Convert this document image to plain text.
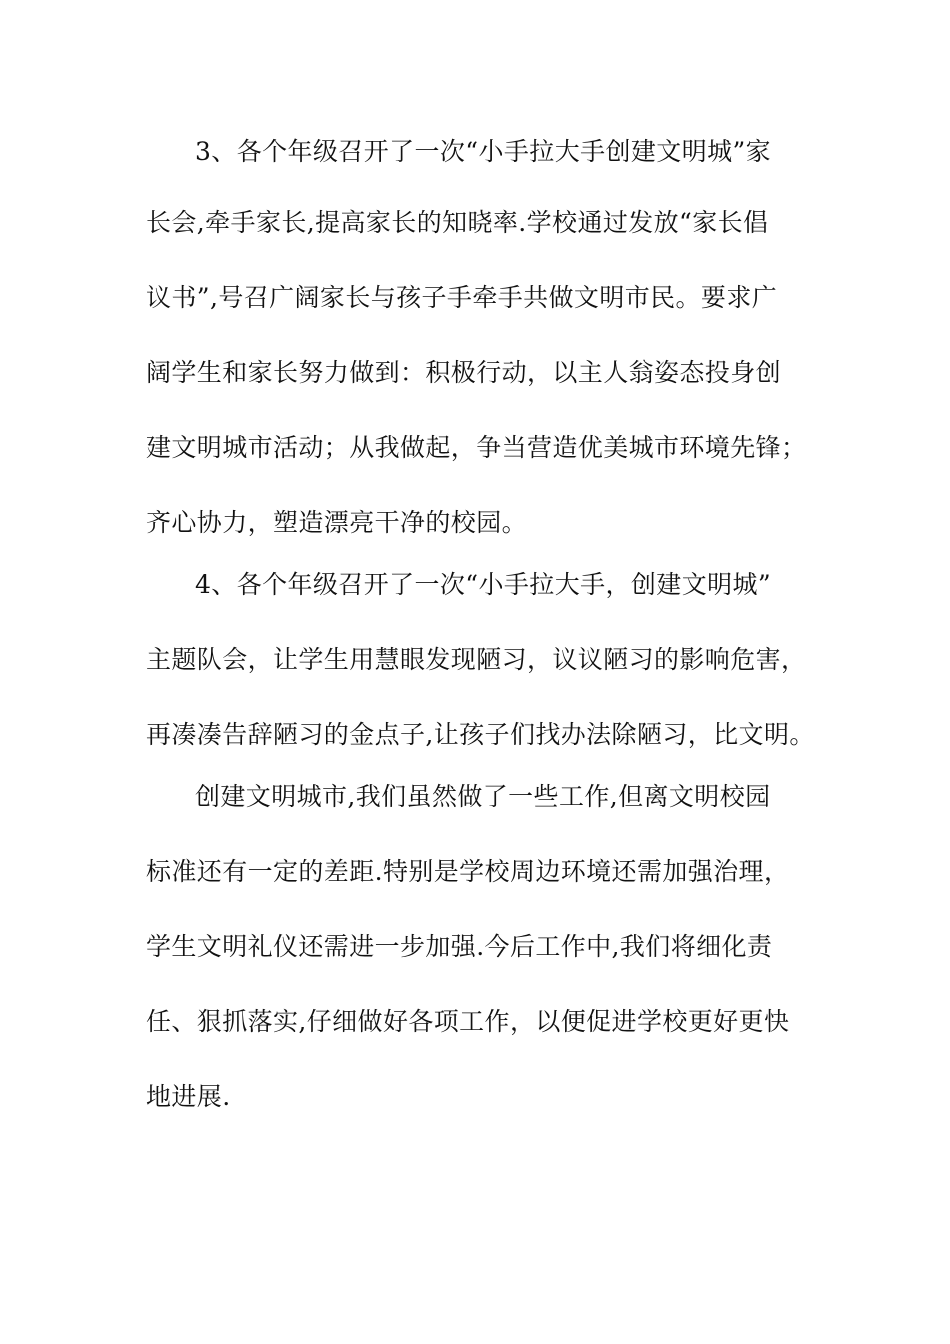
3、各个年级召开了一次“小手拉大手创建文明城”家
长会,牵手家长,提高家长的知晓率.学校通过发放“家长倡
议书”,号召广阔家长与孩子手牵手共做文明市民。要求广
阔学生和家长努力做到：积极行动，以主人翁姿态投身创
建文明城市活动；从我做起，争当营造优美城市环境先锋；
齐心协力，塑造漂亮干净的校园。
4、各个年级召开了一次“小手拉大手，创建文明城”
主题队会，让学生用慧眼发现陋习，议议陋习的影响危害，
再凑凑告辞陋习的金点子,让孩子们找办法除陋习，比文明。
创建文明城市,我们虽然做了一些工作,但离文明校园
标准还有一定的差距.特别是学校周边环境还需加强治理，
学生文明礼仪还需进一步加强.今后工作中,我们将细化责
任、狠抓落实,仔细做好各项工作，以便促进学校更好更快
地进展.
